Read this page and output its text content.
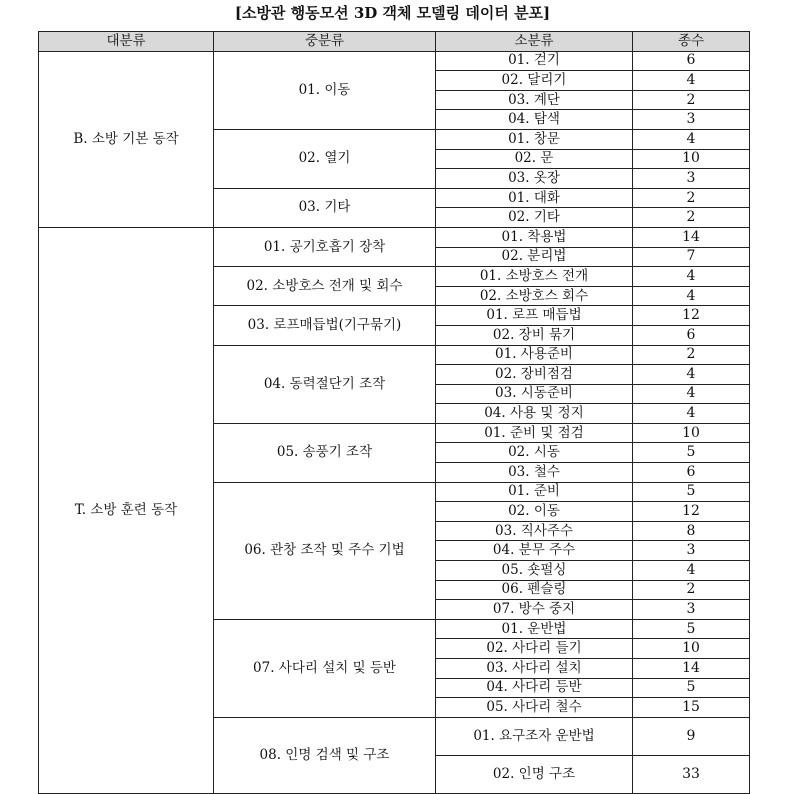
[소방관 행동모션 3D 객체 모델링 데이터 분포]
대분류	중분류	소분류	종수
B. 소방 기본 동작	01. 이동	01. 걷기	6
		02. 달리기	4
		03. 계단	2
		04. 탐색	3
	02. 열기	01. 창문	4
		02. 문	10
		03. 옷장	3
	03. 기타	01. 대화	2
		02. 기타	2
T. 소방 훈련 동작	01. 공기호흡기 장착	01. 착용법	14
		02. 분리법	7
	02. 소방호스 전개 및 회수	01. 소방호스 전개	4
		02. 소방호스 회수	4
	03. 로프매듭법(기구묶기)	01. 로프 매듭법	12
		02. 장비 묶기	6
	04. 동력절단기 조작	01. 사용준비	2
		02. 장비점검	4
		03. 시동준비	4
		04. 사용 및 정지	4
	05. 송풍기 조작	01. 준비 및 점검	10
		02. 시동	5
		03. 철수	6
	06. 관창 조작 및 주수 기법	01. 준비	5
		02. 이동	12
		03. 직사주수	8
		04. 분무 주수	3
		05. 숏펄싱	4
		06. 펜슬링	2
		07. 방수 중지	3
	07. 사다리 설치 및 등반	01. 운반법	5
		02. 사다리 들기	10
		03. 사다리 설치	14
		04. 사다리 등반	5
		05. 사다리 철수	15
	08. 인명 검색 및 구조	01. 요구조자 운반법	9
		02. 인명 구조	33
